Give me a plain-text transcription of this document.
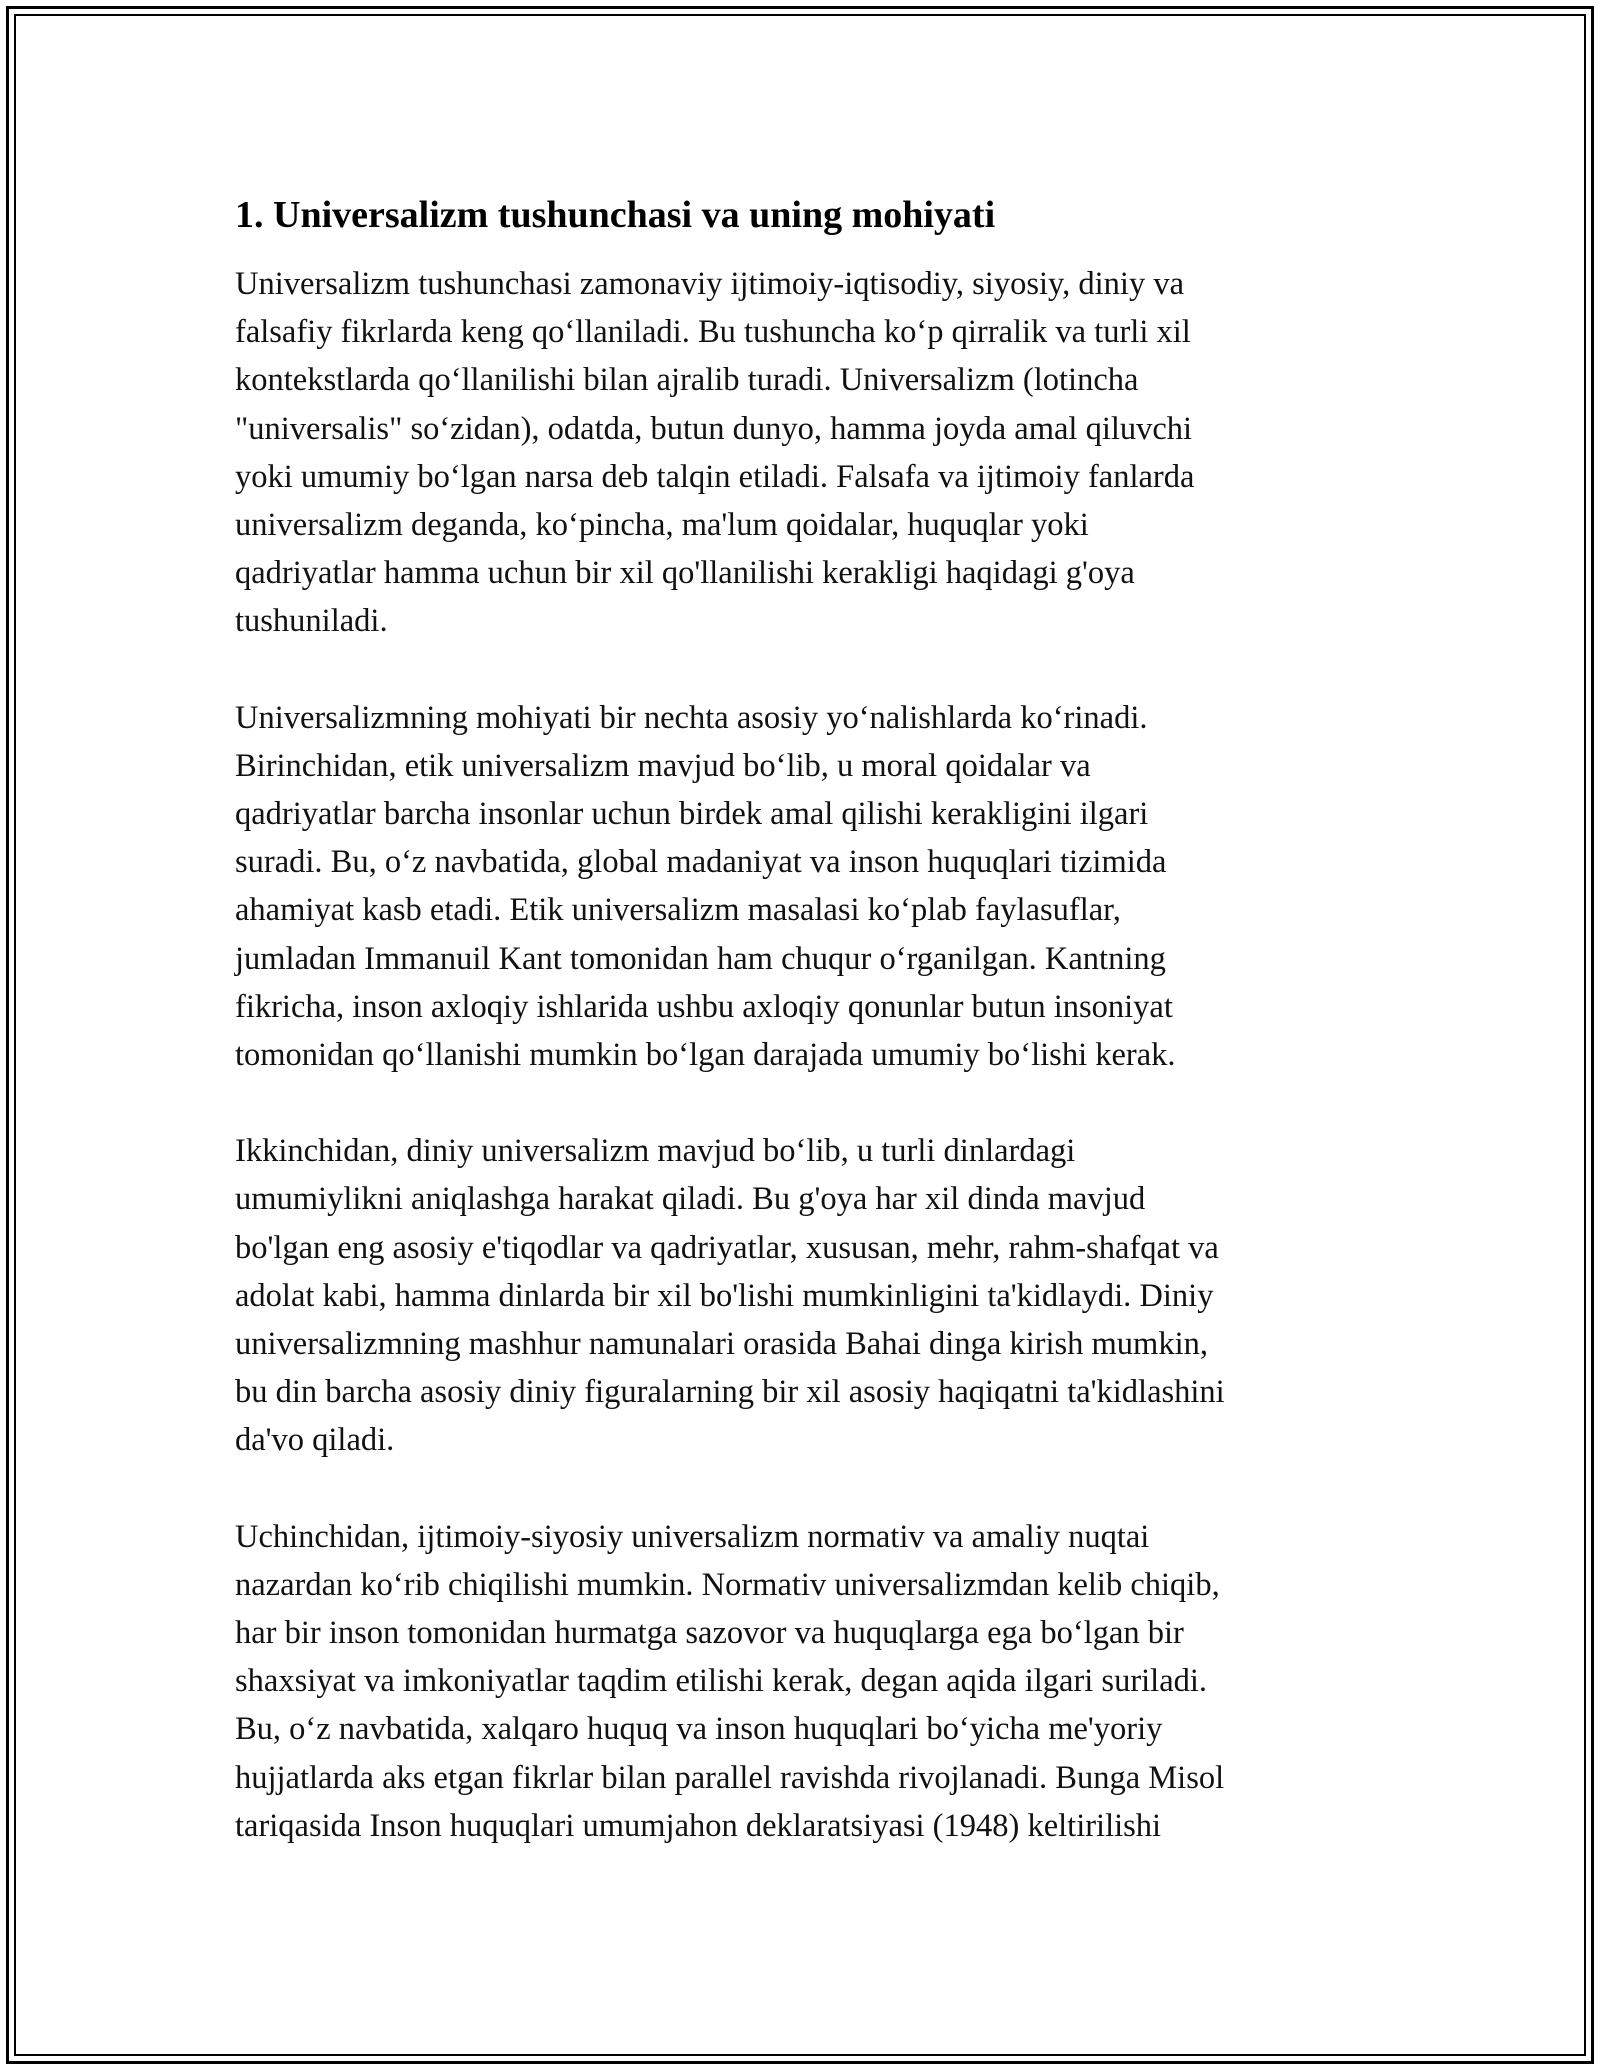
1. Universalizm tushunchasi va uning mohiyati
Universalizm tushunchasi zamonaviy ijtimoiy-iqtisodiy, siyosiy, diniy va
falsafiy fikrlarda keng qo‘llaniladi. Bu tushuncha ko‘p qirralik va turli xil
kontekstlarda qo‘llanilishi bilan ajralib turadi. Universalizm (lotincha
"universalis" so‘zidan), odatda, butun dunyo, hamma joyda amal qiluvchi
yoki umumiy bo‘lgan narsa deb talqin etiladi. Falsafa va ijtimoiy fanlarda
universalizm deganda, ko‘pincha, ma'lum qoidalar, huquqlar yoki
qadriyatlar hamma uchun bir xil qo'llanilishi kerakligi haqidagi g'oya
tushuniladi.
Universalizmning mohiyati bir nechta asosiy yo‘nalishlarda ko‘rinadi.
Birinchidan, etik universalizm mavjud bo‘lib, u moral qoidalar va
qadriyatlar barcha insonlar uchun birdek amal qilishi kerakligini ilgari
suradi. Bu, o‘z navbatida, global madaniyat va inson huquqlari tizimida
ahamiyat kasb etadi. Etik universalizm masalasi ko‘plab faylasuflar,
jumladan Immanuil Kant tomonidan ham chuqur o‘rganilgan. Kantning
fikricha, inson axloqiy ishlarida ushbu axloqiy qonunlar butun insoniyat
tomonidan qo‘llanishi mumkin bo‘lgan darajada umumiy bo‘lishi kerak.
Ikkinchidan, diniy universalizm mavjud bo‘lib, u turli dinlardagi
umumiylikni aniqlashga harakat qiladi. Bu g'oya har xil dinda mavjud
bo'lgan eng asosiy e'tiqodlar va qadriyatlar, xususan, mehr, rahm-shafqat va
adolat kabi, hamma dinlarda bir xil bo'lishi mumkinligini ta'kidlaydi. Diniy
universalizmning mashhur namunalari orasida Bahai dinga kirish mumkin,
bu din barcha asosiy diniy figuralarning bir xil asosiy haqiqatni ta'kidlashini
da'vo qiladi.
Uchinchidan, ijtimoiy-siyosiy universalizm normativ va amaliy nuqtai
nazardan ko‘rib chiqilishi mumkin. Normativ universalizmdan kelib chiqib,
har bir inson tomonidan hurmatga sazovor va huquqlarga ega bo‘lgan bir
shaxsiyat va imkoniyatlar taqdim etilishi kerak, degan aqida ilgari suriladi.
Bu, o‘z navbatida, xalqaro huquq va inson huquqlari bo‘yicha me'yoriy
hujjatlarda aks etgan fikrlar bilan parallel ravishda rivojlanadi. Bunga Misol
tariqasida Inson huquqlari umumjahon deklaratsiyasi (1948) keltirilishi
